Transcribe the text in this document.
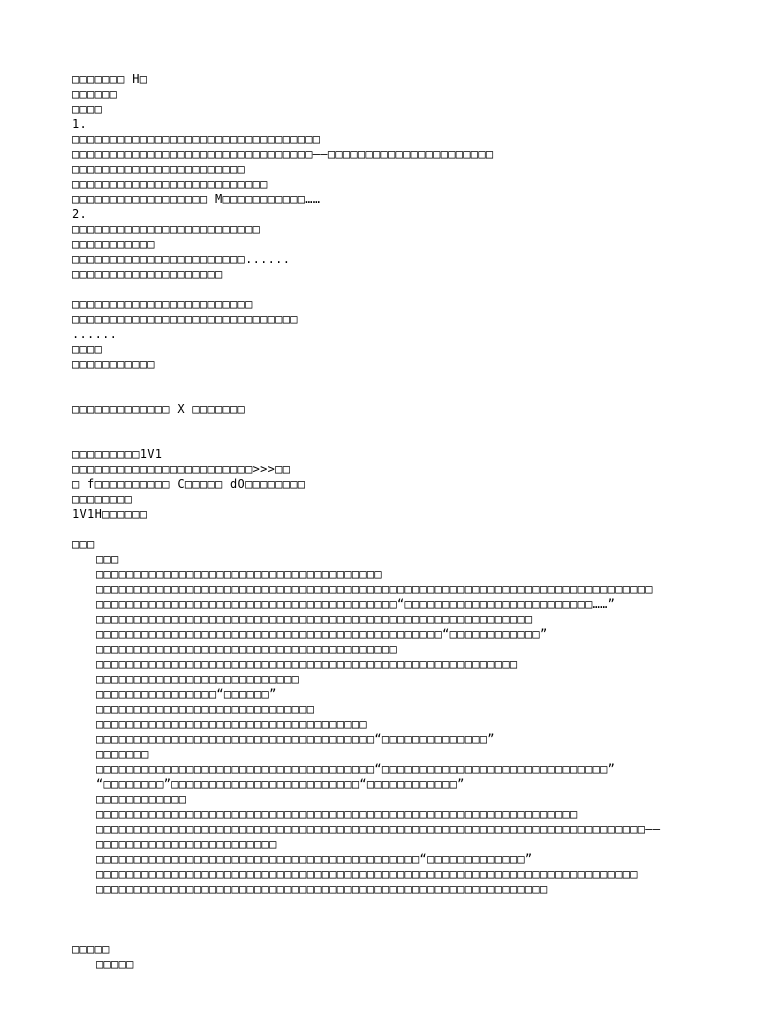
□□□□□□□ H□
□□□□□□
□□□□
1.
□□□□□□□□□□□□□□□□□□□□□□□□□□□□□□□□□
□□□□□□□□□□□□□□□□□□□□□□□□□□□□□□□□——□□□□□□□□□□□□□□□□□□□□□□
□□□□□□□□□□□□□□□□□□□□□□□
□□□□□□□□□□□□□□□□□□□□□□□□□□
□□□□□□□□□□□□□□□□□□ M□□□□□□□□□□□……
2.
□□□□□□□□□□□□□□□□□□□□□□□□□
□□□□□□□□□□□
□□□□□□□□□□□□□□□□□□□□□□□......
□□□□□□□□□□□□□□□□□□□□
□□□□□□□□□□□□□□□□□□□□□□□□
□□□□□□□□□□□□□□□□□□□□□□□□□□□□□□
......
□□□□
□□□□□□□□□□□
□□□□□□□□□□□□□ X □□□□□□□
□□□□□□□□□1V1
□□□□□□□□□□□□□□□□□□□□□□□□>>>□□
□ f□□□□□□□□□□ C□□□□□ dO□□□□□□□□
□□□□□□□□
1V1H□□□□□□
□□□
□□□
□□□□□□□□□□□□□□□□□□□□□□□□□□□□□□□□□□□□□□
□□□□□□□□□□□□□□□□□□□□□□□□□□□□□□□□□□□□□□□□□□□□□□□□□□□□□□□□□□□□□□□□□□□□□□□□□□
□□□□□□□□□□□□□□□□□□□□□□□□□□□□□□□□□□□□□□□□“□□□□□□□□□□□□□□□□□□□□□□□□□……”
□□□□□□□□□□□□□□□□□□□□□□□□□□□□□□□□□□□□□□□□□□□□□□□□□□□□□□□□□□
□□□□□□□□□□□□□□□□□□□□□□□□□□□□□□□□□□□□□□□□□□□□□□“□□□□□□□□□□□□”
□□□□□□□□□□□□□□□□□□□□□□□□□□□□□□□□□□□□□□□□
□□□□□□□□□□□□□□□□□□□□□□□□□□□□□□□□□□□□□□□□□□□□□□□□□□□□□□□□
□□□□□□□□□□□□□□□□□□□□□□□□□□□
□□□□□□□□□□□□□□□□“□□□□□□”
□□□□□□□□□□□□□□□□□□□□□□□□□□□□□
□□□□□□□□□□□□□□□□□□□□□□□□□□□□□□□□□□□□
□□□□□□□□□□□□□□□□□□□□□□□□□□□□□□□□□□□□□“□□□□□□□□□□□□□□”
□□□□□□□
□□□□□□□□□□□□□□□□□□□□□□□□□□□□□□□□□□□□□“□□□□□□□□□□□□□□□□□□□□□□□□□□□□□□”
“□□□□□□□□”□□□□□□□□□□□□□□□□□□□□□□□□□“□□□□□□□□□□□□”
□□□□□□□□□□□□
□□□□□□□□□□□□□□□□□□□□□□□□□□□□□□□□□□□□□□□□□□□□□□□□□□□□□□□□□□□□□□□□
□□□□□□□□□□□□□□□□□□□□□□□□□□□□□□□□□□□□□□□□□□□□□□□□□□□□□□□□□□□□□□□□□□□□□□□□□——
□□□□□□□□□□□□□□□□□□□□□□□□
□□□□□□□□□□□□□□□□□□□□□□□□□□□□□□□□□□□□□□□□□□□“□□□□□□□□□□□□□”
□□□□□□□□□□□□□□□□□□□□□□□□□□□□□□□□□□□□□□□□□□□□□□□□□□□□□□□□□□□□□□□□□□□□□□□□
□□□□□□□□□□□□□□□□□□□□□□□□□□□□□□□□□□□□□□□□□□□□□□□□□□□□□□□□□□□□
□□□□□
□□□□□
